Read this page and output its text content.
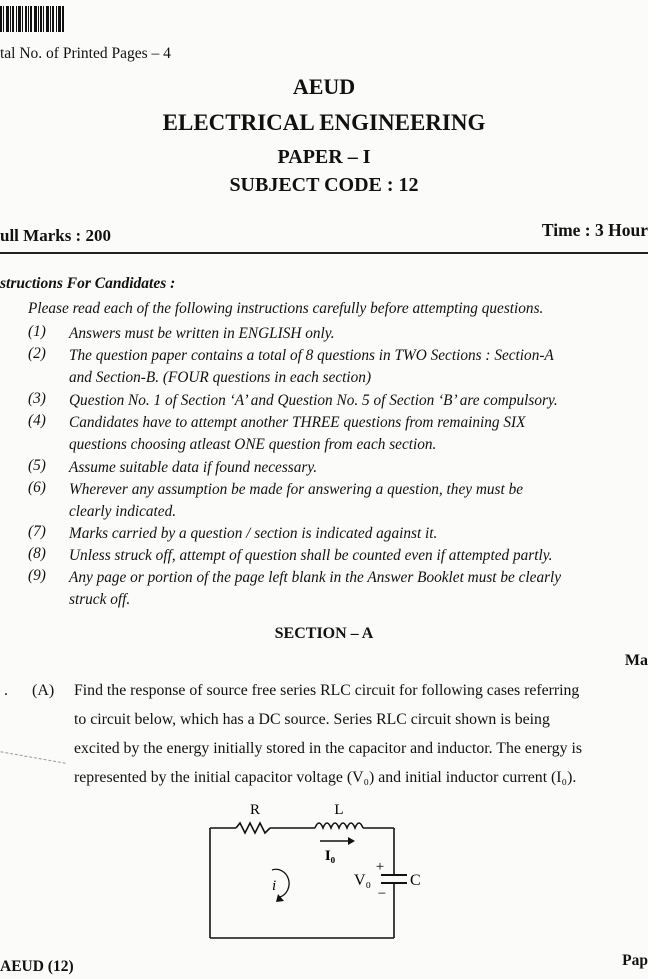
tal No. of Printed Pages – 4
AEUD
ELECTRICAL ENGINEERING
PAPER – I
SUBJECT CODE : 12
ull Marks : 200	Time : 3 Hour
structions For Candidates :
Please read each of the following instructions carefully before attempting questions.
(1) Answers must be written in ENGLISH only.
(2) The question paper contains a total of 8 questions in TWO Sections : Section-A
and Section-B. (FOUR questions in each section)
(3) Question No. 1 of Section ‘A’ and Question No. 5 of Section ‘B’ are compulsory.
(4) Candidates have to attempt another THREE questions from remaining SIX
questions choosing atleast ONE question from each section.
(5) Assume suitable data if found necessary.
(6) Wherever any assumption be made for answering a question, they must be
clearly indicated.
(7) Marks carried by a question / section is indicated against it.
(8) Unless struck off, attempt of question shall be counted even if attempted partly.
(9) Any page or portion of the page left blank in the Answer Booklet must be clearly
struck off.
SECTION – A
Ma
. (A) Find the response of source free series RLC circuit for following cases referring
to circuit below, which has a DC source. Series RLC circuit shown is being
excited by the energy initially stored in the capacitor and inductor. The energy is
represented by the initial capacitor voltage (V₀) and initial inductor current (I₀).
R	L
I₀
i	V₀
+
−
C
AEUD (12)	Pap
